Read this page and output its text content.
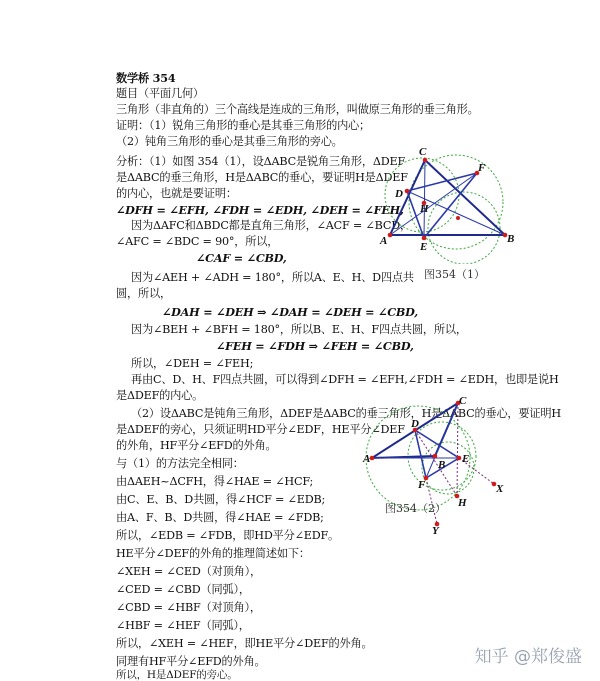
数学桥 354
题目（平面几何）
三角形（非直角的）三个高线是连成的三角形，叫做原三角形的垂三角形。
证明：（1）锐角三角形的垂心是其垂三角形的内心；
（2）钝角三角形的垂心是其垂三角形的旁心。
分析：（1）如图 354（1），设ΔABC是锐角三角形，ΔDEF
是ΔABC的垂三角形，H是ΔABC的垂心，要证明H是ΔDEF
的内心，也就是要证明：
∠DFH = ∠EFH, ∠FDH = ∠EDH, ∠DEH = ∠FEH,
因为ΔAFC和ΔBDC都是直角三角形，∠ACF = ∠BCD，
∠AFC = ∠BDC = 90°，所以，
∠CAF = ∠CBD,
因为∠AEH + ∠ADH = 180°，所以A、E、H、D四点共
圆，所以，
∠DAH = ∠DEH ⇒ ∠DAH = ∠DEH = ∠CBD,
因为∠BEH + ∠BFH = 180°，所以B、E、H、F四点共圆，所以，
∠FEH = ∠FDH ⇒ ∠FEH = ∠CBD,
所以，∠DEH = ∠FEH;
再由C、D、H、F四点共圆，可以得到∠DFH = ∠EFH,∠FDH = ∠EDH，也即是说H
是ΔDEF的内心。
（2）设ΔABC是钝角三角形，ΔDEF是ΔABC的垂三角形，H是ΔABC的垂心，要证明H
是ΔDEF的旁心，只须证明HD平分∠EDF，HE平分∠DEF
的外角，HF平分∠EFD的外角。
与（1）的方法完全相同：
由ΔAEH~ΔCFH，得∠HAE = ∠HCF;
由C、E、B、D共圆，得∠HCF = ∠EDB;
由A、F、B、D共圆，得∠HAE = ∠FDB;
所以，∠EDB = ∠FDB，即HD平分∠EDF。
HE平分∠DEF的外角的推理简述如下：
∠XEH = ∠CED（对顶角），
∠CED = ∠CBD（同弧），
∠CBD = ∠HBF（对顶角），
∠HBF = ∠HEF（同弧），
所以，∠XEH = ∠HEF，即HE平分∠DEF的外角。
同理有HF平分∠EFD的外角。
所以，H是ΔDEF的旁心。
A	B
C
D
E
F
H
图354（1）
A	B
C
D
E
F
H
X
Y
图354（2）
知乎 @郑俊盛
